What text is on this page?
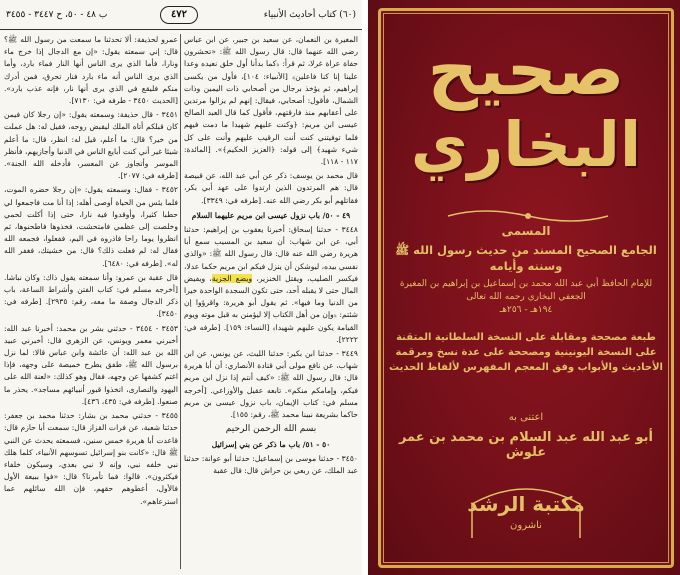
(٦٠) كتاب أحاديث الأنبياء
٤٧٢
ب ٤٨ - ٥٠، ح ٣٤٤٧ - ٣٤٥٥

المغيرة بن النعمان، عن سعيد بن جبير، عن ابن عباس رضي الله عنهما قال: قال رسول الله ﷺ: «تحشرون حفاة عراة غرلا، ثم قرأ: ﴿كما بدأنا أول خلق نعيده وعدا علينا إنا كنا فاعلين﴾ [الأنبياء: ١٠٤]، فأول من يكسى إبراهيم، ثم يؤخذ برجال من أصحابي ذات اليمين وذات الشمال، فأقول: أصحابي، فيقال: إنهم لم يزالوا مرتدين على أعقابهم منذ فارقتهم، فأقول كما قال العبد الصالح عيسى ابن مريم: ﴿وكنت عليهم شهيدا ما دمت فيهم فلما توفيتني كنت أنت الرقيب عليهم وأنت على كل شيء شهيد﴾ إلى قوله: ﴿العزيز الحكيم﴾». [المائدة: ١١٧ - ١١٨].

قال محمد بن يوسف: ذكر عن أبي عبد الله، عن قبيصة قال: هم المرتدون الذين ارتدوا على عهد أبي بكر، فقاتلهم أبو بكر رضي الله عنه. [طرفه في: ٣٣٤٩].

٤٩ - ٥٠/ باب نزول عيسى ابن مريم عليهما السلام

٣٤٤٨ - حدثنا إسحاق: أخبرنا يعقوب بن إبراهيم: حدثنا أبي، عن ابن شهاب: أن سعيد بن المسيب سمع أبا هريرة رضي الله عنه قال: قال رسول الله ﷺ: «والذي نفسي بيده، ليوشكن أن ينزل فيكم ابن مريم حكما عدلا، فيكسر الصليب، ويقتل الخنزير، ويضع الجزية، ويفيض المال حتى لا يقبله أحد، حتى تكون السجدة الواحدة خيرا من الدنيا وما فيها». ثم يقول أبو هريرة: واقرؤوا إن شئتم: ﴿وإن من أهل الكتاب إلا ليؤمنن به قبل موته ويوم القيامة يكون عليهم شهيدا﴾ [النساء: ١٥٩]. [طرفه في: ٢٢٢٢].

٣٤٤٩ - حدثنا ابن بكير: حدثنا الليث، عن يونس، عن ابن شهاب، عن نافع مولى أبي قتادة الأنصاري: أن أبا هريرة قال: قال رسول الله ﷺ: «كيف أنتم إذا نزل ابن مريم فيكم، وإمامكم منكم». تابعه عقيل والأوزاعي. [أخرجه مسلم في: كتاب الإيمان، باب نزول عيسى بن مريم حاكما بشريعة نبينا محمد ﷺ، رقم: ١٥٥].

بسم الله الرحمن الرحيم

٥٠ - ٥١/ باب ما ذكر عن بني إسرائيل

٣٤٥٠ - حدثنا موسى بن إسماعيل: حدثنا أبو عوانة: حدثنا عبد الملك، عن ربعي بن حراش قال: قال عقبة

عمرو لحذيفة: ألا تحدثنا ما سمعت من رسول الله ﷺ؟ قال: إني سمعته يقول: «إن مع الدجال إذا خرج ماء ونارا، فأما الذي يرى الناس أنها النار فماء بارد، وأما الذي يرى الناس أنه ماء بارد فنار تحرق، فمن أدرك منكم فليقع في الذي يرى أنها نار، فإنه عذب بارد». [الحديث ٣٤٥٠ - طرفه في: ٧١٣٠].

٣٤٥١ - قال حذيفة: وسمعته يقول: «إن رجلا كان فيمن كان قبلكم أتاه الملك ليقبض روحه، فقيل له: هل عملت من خير؟ قال: ما أعلم، قيل له: انظر، قال: ما أعلم شيئا غير أني كنت أبايع الناس في الدنيا وأجازيهم، فأنظر الموسر وأتجاوز عن المعسر، فأدخله الله الجنة». [طرفه في: ٢٠٧٧].

٣٤٥٢ - فقال: وسمعته يقول: «إن رجلا حضره الموت، فلما يئس من الحياة أوصى أهله: إذا أنا مت فاجمعوا لي حطبا كثيرا، وأوقدوا فيه نارا، حتى إذا أكلت لحمي وخلصت إلى عظمي فامتحشت، فخذوها فاطحنوها، ثم انظروا يوما راحا فاذروه في اليم، ففعلوا، فجمعه الله فقال له: لم فعلت ذلك؟ قال: من خشيتك، فغفر الله له». [طرفه في: ٦٤٨٠].

قال عقبة بن عمرو: وأنا سمعته يقول ذاك: وكان نباشا. [أخرجه مسلم في: كتاب الفتن وأشراط الساعة، باب ذكر الدجال وصفة ما معه، رقم: ٢٩٣٥]. [طرفه في: ٣٤٥٠].

٣٤٥٣ - ٣٤٥٤ - حدثني بشر بن محمد: أخبرنا عبد الله: أخبرني معمر ويونس، عن الزهري قال: أخبرني عبيد الله بن عبد الله: أن عائشة وابن عباس قالا: لما نزل برسول الله ﷺ، طفق يطرح خميصة على وجهه، فإذا اغتم كشفها عن وجهه، فقال وهو كذلك: «لعنة الله على اليهود والنصارى، اتخذوا قبور أنبيائهم مساجد». يحذر ما صنعوا. [طرفه في: ٤٣٥، ٤٣٦].

٣٤٥٥ - حدثني محمد بن بشار: حدثنا محمد بن جعفر: حدثنا شعبة، عن فرات القزاز قال: سمعت أبا حازم قال: قاعدت أبا هريرة خمس سنين، فسمعته يحدث عن النبي ﷺ قال: «كانت بنو إسرائيل تسوسهم الأنبياء، كلما هلك نبي خلفه نبي، وإنه لا نبي بعدي، وسيكون خلفاء فيكثرون». قالوا: فما تأمرنا؟ قال: «فوا ببيعة الأول فالأول، أعطوهم حقهم، فإن الله سائلهم عما استرعاهم».

صحيح
البخاري
المسمى
الجامع الصحيح المسند من حديث رسول الله ﷺ وسننه وأيامه
للإمام الحافظ أبي عبد الله محمد بن إسماعيل بن إبراهيم بن المغيرة الجعفي البخاري رحمه الله تعالى
١٩٤هـ - ٢٥٦هـ
طبعة مصححة ومقابلة على النسخة السلطانية المتقنة على النسخة اليونينية ومصححة على عدة نسخ ومرقمة الأحاديث والأبواب وفق المعجم المفهرس لألفاظ الحديث
اعتنى به
أبو عبد الله عبد السلام بن محمد بن عمر علوش
مكتبة الرشد
ناشرون
